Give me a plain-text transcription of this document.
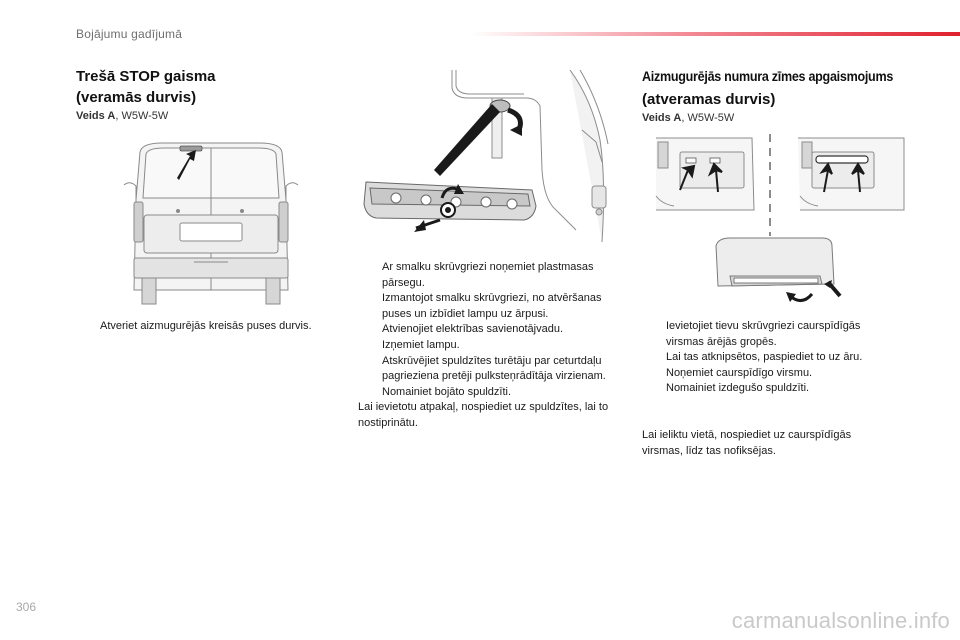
Bojājumu gadījumā
Trešā STOP gaisma
(veramās durvis)
Veids A, W5W-5W
Atveriet aizmugurējās kreisās puses durvis.
Ar smalku skrūvgriezi noņemiet plastmasas pārsegu.
Izmantojot smalku skrūvgriezi, no atvēršanas puses un izbīdiet lampu uz ārpusi.
Atvienojiet elektrības savienotājvadu.
Izņemiet lampu.
Atskrūvējiet spuldzītes turētāju par ceturtdaļu pagrieziena pretēji pulksteņrādītāja virzienam.
Nomainiet bojāto spuldzīti.
Lai ievietotu atpakaļ, nospiediet uz spuldzītes, lai to nostiprinātu.
Aizmugurējās numura zīmes apgaismojums
(atveramas durvis)
Veids A, W5W-5W
Ievietojiet tievu skrūvgriezi caurspīdīgās virsmas ārējās gropēs.
Lai tas atknipsētos, paspiediet to uz āru.
Noņemiet caurspīdīgo virsmu.
Nomainiet izdegušo spuldzīti.
Lai ieliktu vietā, nospiediet uz caurspīdīgās virsmas, līdz tas nofiksējas.
306
carmanualsonline.info
